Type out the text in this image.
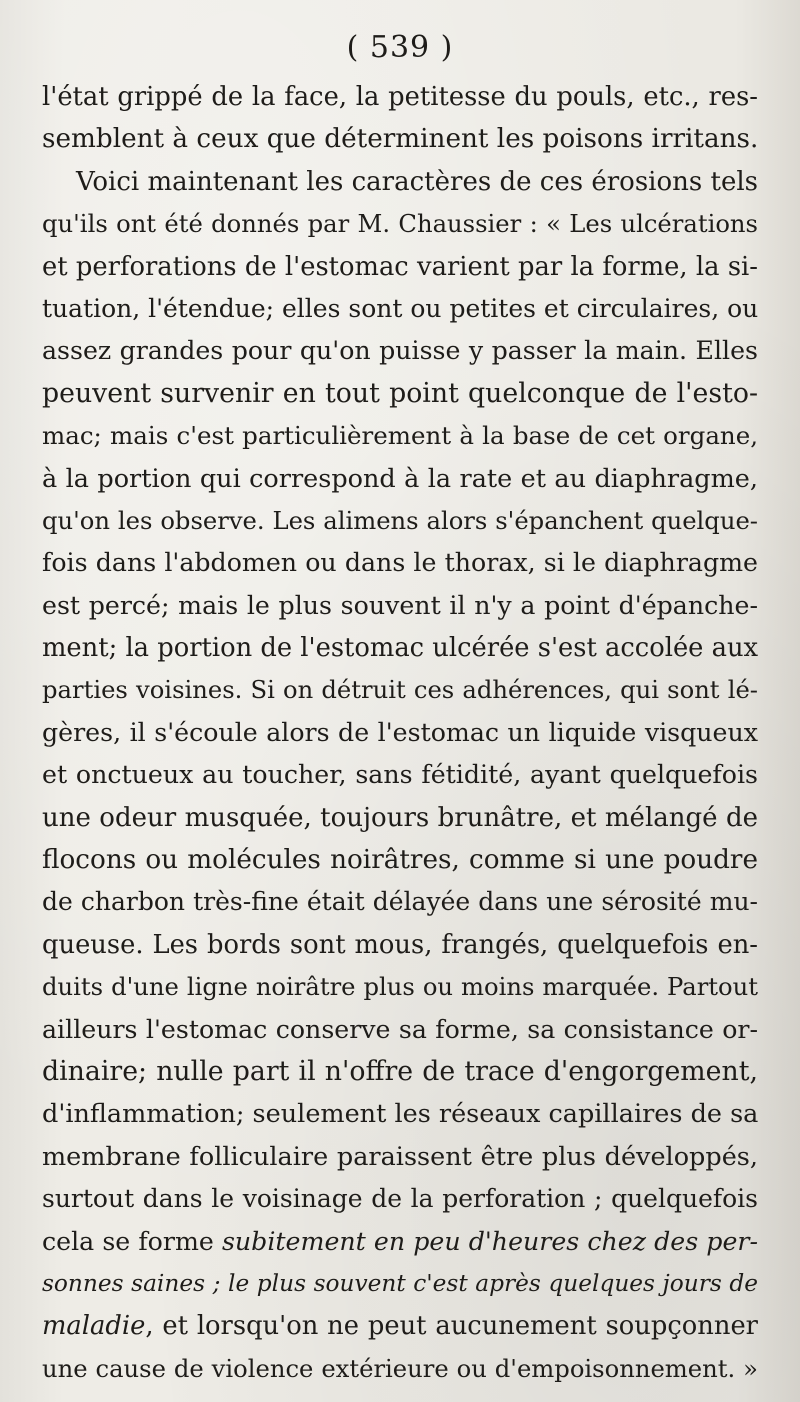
( 539 )
l'état grippé de la face, la petitesse du pouls, etc., res-
semblent à ceux que déterminent les poisons irritans.
Voici maintenant les caractères de ces érosions tels
qu'ils ont été donnés par M. Chaussier : « Les ulcérations
et perforations de l'estomac varient par la forme, la si-
tuation, l'étendue; elles sont ou petites et circulaires, ou
assez grandes pour qu'on puisse y passer la main. Elles
peuvent survenir en tout point quelconque de l'esto-
mac; mais c'est particulièrement à la base de cet organe,
à la portion qui correspond à la rate et au diaphragme,
qu'on les observe. Les alimens alors s'épanchent quelque-
fois dans l'abdomen ou dans le thorax, si le diaphragme
est percé; mais le plus souvent il n'y a point d'épanche-
ment; la portion de l'estomac ulcérée s'est accolée aux
parties voisines. Si on détruit ces adhérences, qui sont lé-
gères, il s'écoule alors de l'estomac un liquide visqueux
et onctueux au toucher, sans fétidité, ayant quelquefois
une odeur musquée, toujours brunâtre, et mélangé de
flocons ou molécules noirâtres, comme si une poudre
de charbon très-fine était délayée dans une sérosité mu-
queuse. Les bords sont mous, frangés, quelquefois en-
duits d'une ligne noirâtre plus ou moins marquée. Partout
ailleurs l'estomac conserve sa forme, sa consistance or-
dinaire; nulle part il n'offre de trace d'engorgement,
d'inflammation; seulement les réseaux capillaires de sa
membrane folliculaire paraissent être plus développés,
surtout dans le voisinage de la perforation ; quelquefois
cela se forme subitement en peu d'heures chez des per-
sonnes saines ; le plus souvent c'est après quelques jours de
maladie, et lorsqu'on ne peut aucunement soupçonner
une cause de violence extérieure ou d'empoisonnement. »
